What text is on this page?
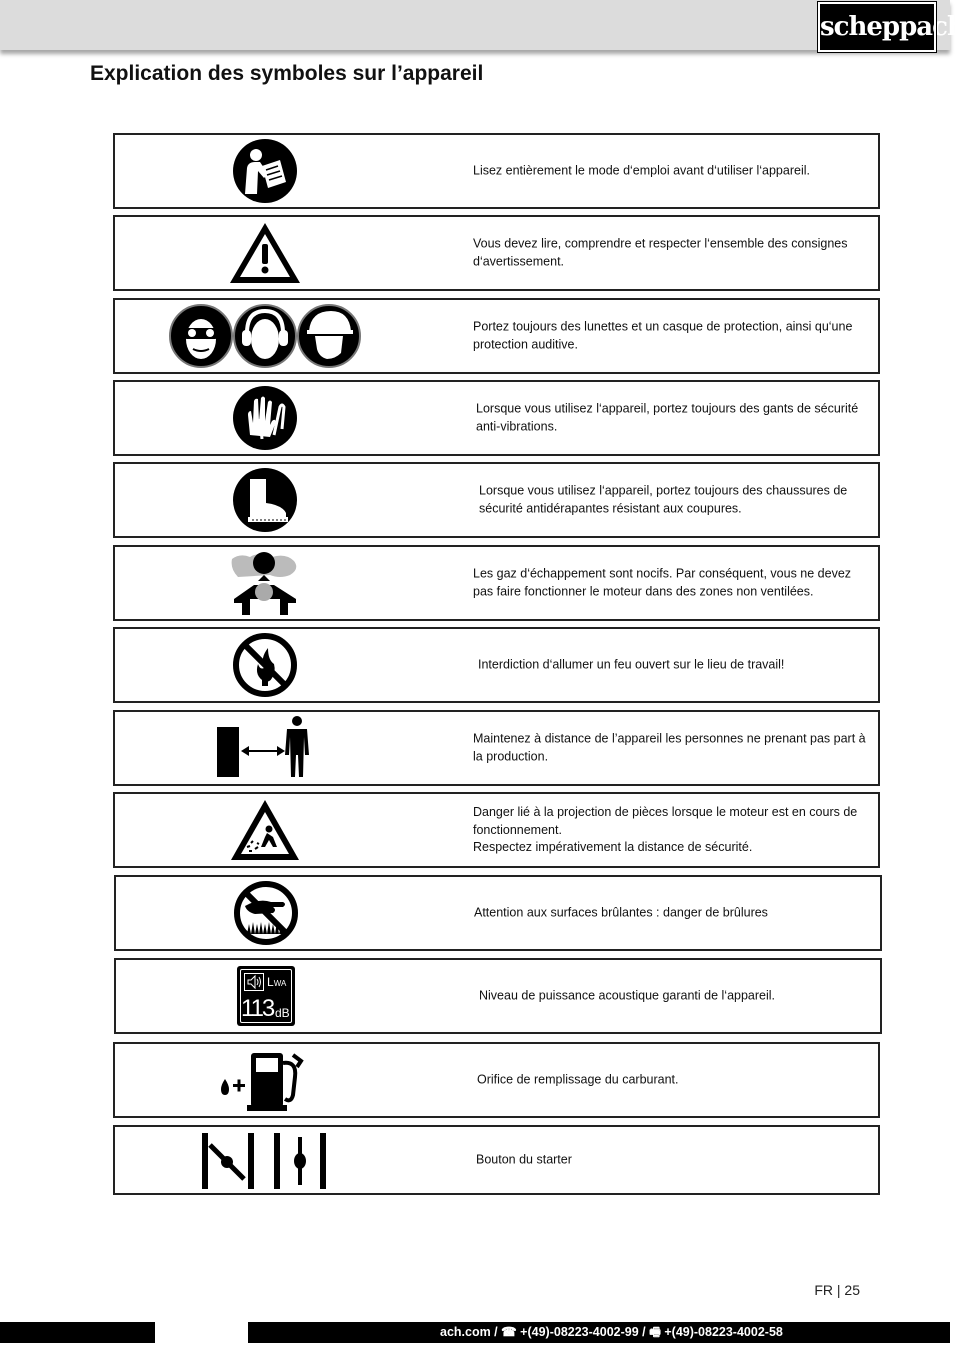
scheppach
Explication des symboles sur l’appareil
Lisez entièrement le mode d‘emploi avant d‘utiliser l‘appareil.
Vous devez lire, comprendre et respecter l‘ensemble des consignes d‘avertissement.
Portez toujours des lunettes et un casque de protection, ainsi qu‘une protection auditive.
Lorsque vous utilisez l‘appareil, portez toujours des gants de sécurité anti-vibrations.
Lorsque vous utilisez l‘appareil, portez toujours des chaussures de sécurité antidérapantes résistant aux coupures.
Les gaz d‘échappement sont nocifs. Par conséquent, vous ne devez pas faire fonctionner le moteur dans des zones non ventilées.
Interdiction d‘allumer un feu ouvert sur le lieu de travail!
Maintenez à distance de l’appareil les personnes ne prenant pas part à la production.
Danger lié à la projection de pièces lorsque le moteur est en cours de fonctionnement.
Respectez impérativement la distance de sécurité.
Attention aux surfaces brûlantes : danger de brûlures
LWA
113 dB
Niveau de puissance acoustique garanti de l‘appareil.
Orifice de remplissage du carburant.
Bouton du starter
FR | 25
ach.com / ☎ +(49)-08223-4002-99 / 🖷 +(49)-08223-4002-58
